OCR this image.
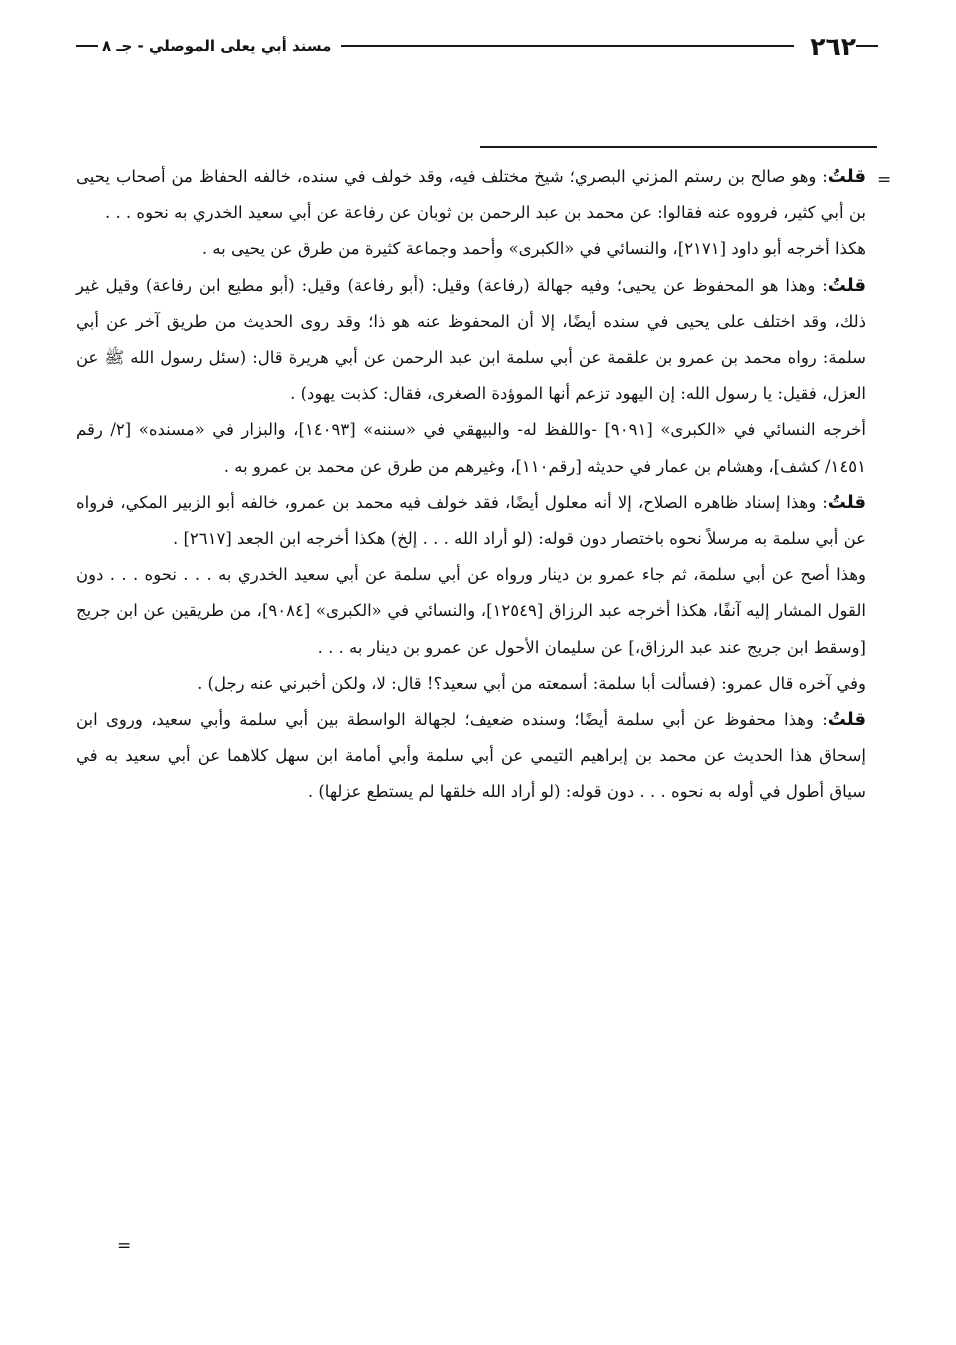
٢٦٢
مسند أبي يعلى الموصلي - جـ ٨
=

قلتُ: وهو صالح بن رستم المزني البصري؛ شيخ مختلف فيه، وقد خولف في سنده، خالفه الحفاظ من أصحاب يحيى بن أبي كثير، فرووه عنه فقالوا: عن محمد بن عبد الرحمن بن ثوبان عن رفاعة عن أبي سعيد الخدري به نحوه . . .

هكذا أخرجه أبو داود [٢١٧١]، والنسائي في «الكبرى» وأحمد وجماعة كثيرة من طرق عن يحيى به .

قلتُ: وهذا هو المحفوظ عن يحيى؛ وفيه جهالة (رفاعة) وقيل: (أبو رفاعة) وقيل: (أبو مطيع ابن رفاعة) وقيل غير ذلك، وقد اختلف على يحيى في سنده أيضًا، إلا أن المحفوظ عنه هو ذا؛ وقد روى الحديث من طريق آخر عن أبي سلمة: رواه محمد بن عمرو بن علقمة عن أبي سلمة ابن عبد الرحمن عن أبي هريرة قال: (سئل رسول الله ﷺ عن العزل، فقيل: يا رسول الله: إن اليهود تزعم أنها الموؤدة الصغرى، فقال: كذبت يهود) .

أخرجه النسائي في «الكبرى» [٩٠٩١] -واللفظ له- والبيهقي في «سننه» [١٤٠٩٣]، والبزار في «مسنده» [٢/ رقم ١٤٥١/ كشف]، وهشام بن عمار في حديثه [رقم١١٠]، وغيرهم من طرق عن محمد بن عمرو به .

قلتُ: وهذا إسناد ظاهره الصلاح، إلا أنه معلول أيضًا، فقد خولف فيه محمد بن عمرو، خالفه أبو الزبير المكي، فرواه عن أبي سلمة به مرسلاً نحوه باختصار دون قوله: (لو أراد الله . . . إلخ) هكذا أخرجه ابن الجعد [٢٦١٧] .

وهذا أصح عن أبي سلمة، ثم جاء عمرو بن دينار ورواه عن أبي سلمة عن أبي سعيد الخدري به . . . نحوه . . . دون القول المشار إليه آنفًا، هكذا أخرجه عبد الرزاق [١٢٥٤٩]، والنسائي في «الكبرى» [٩٠٨٤]، من طريقين عن ابن جريج [وسقط ابن جريج عند عبد الرزاق،] عن سليمان الأحول عن عمرو بن دينار به . . .

وفي آخره قال عمرو: (فسألت أبا سلمة: أسمعته من أبي سعيد؟! قال: لا، ولكن أخبرني عنه رجل) .

قلتُ: وهذا محفوظ عن أبي سلمة أيضًا؛ وسنده ضعيف؛ لجهالة الواسطة بين أبي سلمة وأبي سعيد، وروى ابن إسحاق هذا الحديث عن محمد بن إبراهيم التيمي عن أبي سلمة وأبي أمامة ابن سهل كلاهما عن أبي سعيد به في سياق أطول في أوله به نحوه . . . دون قوله: (لو أراد الله خلقها لم يستطع عزلها) .

=
